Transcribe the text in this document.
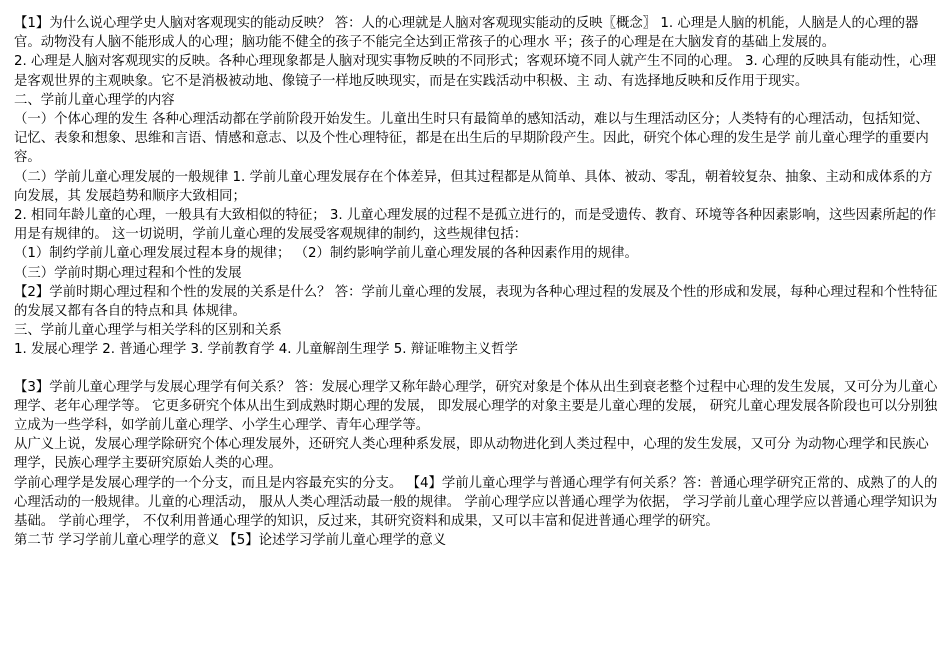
【1】为什么说心理学史人脑对客观现实的能动反映？ 答：人的心理就是人脑对客观现实能动的反映〖概念〗 1. 心理是人脑的机能，人脑是人的心理的器官。动物没有人脑不能形成人的心理；脑功能不健全的孩子不能完全达到正常孩子的心理水 平；孩子的心理是在大脑发育的基础上发展的。

2. 心理是人脑对客观现实的反映。各种心理现象都是人脑对现实事物反映的不同形式；客观环境不同人就产生不同的心理。 3. 心理的反映具有能动性，心理是客观世界的主观映象。它不是消极被动地、像镜子一样地反映现实，而是在实践活动中积极、主 动、有选择地反映和反作用于现实。

二、学前儿童心理学的内容

（一）个体心理的发生 各种心理活动都在学前阶段开始发生。儿童出生时只有最简单的感知活动，难以与生理活动区分；人类特有的心理活动，包括知觉、 记忆、表象和想象、思维和言语、情感和意志、以及个性心理特征，都是在出生后的早期阶段产生。因此，研究个体心理的发生是学 前儿童心理学的重要内容。

（二）学前儿童心理发展的一般规律 1. 学前儿童心理发展存在个体差异，但其过程都是从简单、具体、被动、零乱，朝着较复杂、抽象、主动和成体系的方向发展，其 发展趋势和顺序大致相同；

2. 相同年龄儿童的心理，一般具有大致相似的特征； 3. 儿童心理发展的过程不是孤立进行的，而是受遗传、教育、环境等各种因素影响，这些因素所起的作用是有规律的。 这一切说明，学前儿童心理的发展受客观规律的制约，这些规律包括：

（1）制约学前儿童心理发展过程本身的规律； （2）制约影响学前儿童心理发展的各种因素作用的规律。

（三）学前时期心理过程和个性的发展

【2】学前时期心理过程和个性的发展的关系是什么？ 答：学前儿童心理的发展，表现为各种心理过程的发展及个性的形成和发展，每种心理过程和个性特征的发展又都有各自的特点和具 体规律。

三、学前儿童心理学与相关学科的区别和关系

1. 发展心理学 2. 普通心理学 3. 学前教育学 4. 儿童解剖生理学 5. 辩证唯物主义哲学

【3】学前儿童心理学与发展心理学有何关系？ 答：发展心理学又称年龄心理学，研究对象是个体从出生到衰老整个过程中心理的发生发展，又可分为儿童心理学、老年心理学等。 它更多研究个体从出生到成熟时期心理的发展， 即发展心理学的对象主要是儿童心理的发展， 研究儿童心理发展各阶段也可以分别独 立成为一些学科，如学前儿童心理学、小学生心理学、青年心理学等。

从广义上说，发展心理学除研究个体心理发展外，还研究人类心理种系发展，即从动物进化到人类过程中，心理的发生发展，又可分 为动物心理学和民族心理学，民族心理学主要研究原始人类的心理。

学前心理学是发展心理学的一个分支，而且是内容最充实的分支。 【4】学前儿童心理学与普通心理学有何关系？答：普通心理学研究正常的、成熟了的人的心理活动的一般规律。儿童的心理活动， 服从人类心理活动最一般的规律。 学前心理学应以普通心理学为依据， 学习学前儿童心理学应以普通心理学知识为基础。 学前心理学， 不仅利用普通心理学的知识，反过来，其研究资料和成果，又可以丰富和促进普通心理学的研究。

第二节 学习学前儿童心理学的意义 【5】论述学习学前儿童心理学的意义
